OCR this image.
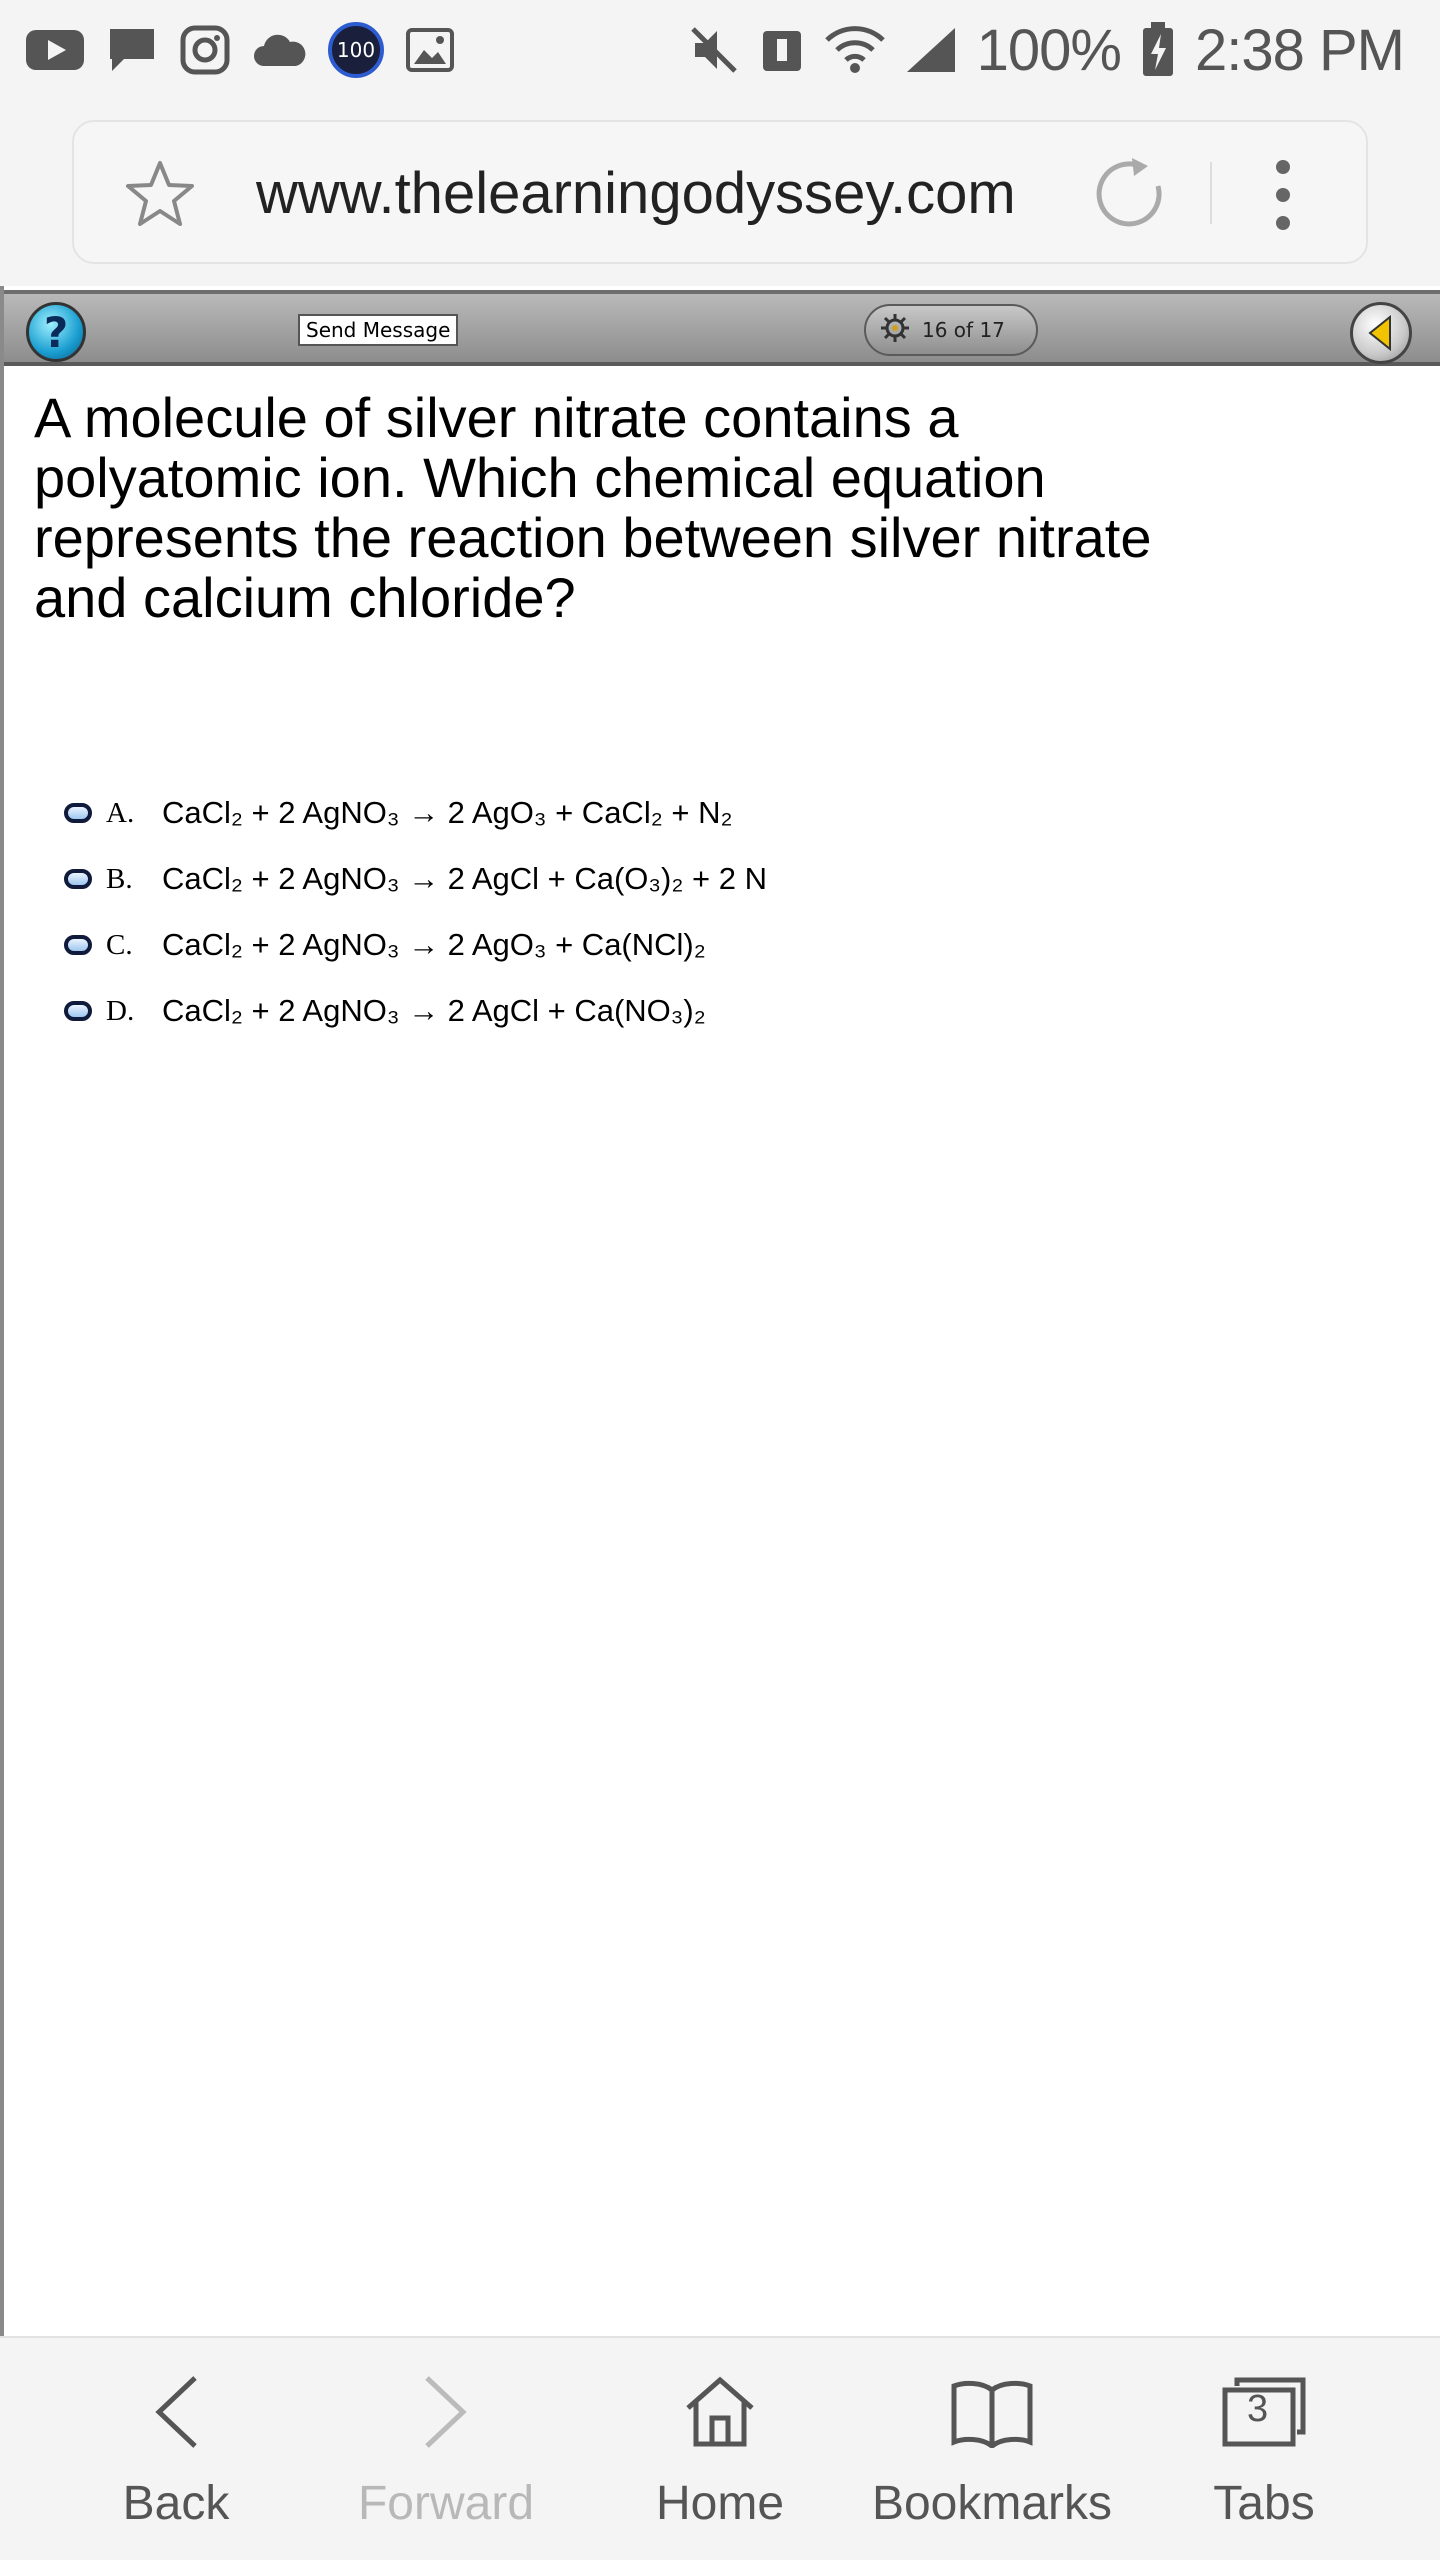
100	100% 2:38 PM
www.thelearningodyssey.com
?	Send Message	16 of 17
A molecule of silver nitrate contains a polyatomic ion. Which chemical equation represents the reaction between silver nitrate and calcium chloride?
A. CaCl₂ + 2 AgNO₃ → 2 AgO₃ + CaCl₂ + N₂
B. CaCl₂ + 2 AgNO₃ → 2 AgCl + Ca(O₃)₂ + 2 N
C. CaCl₂ + 2 AgNO₃ → 2 AgO₃ + Ca(NCl)₂
D. CaCl₂ + 2 AgNO₃ → 2 AgCl + Ca(NO₃)₂
Back	Forward	Home Bookmarks
3
Tabs
